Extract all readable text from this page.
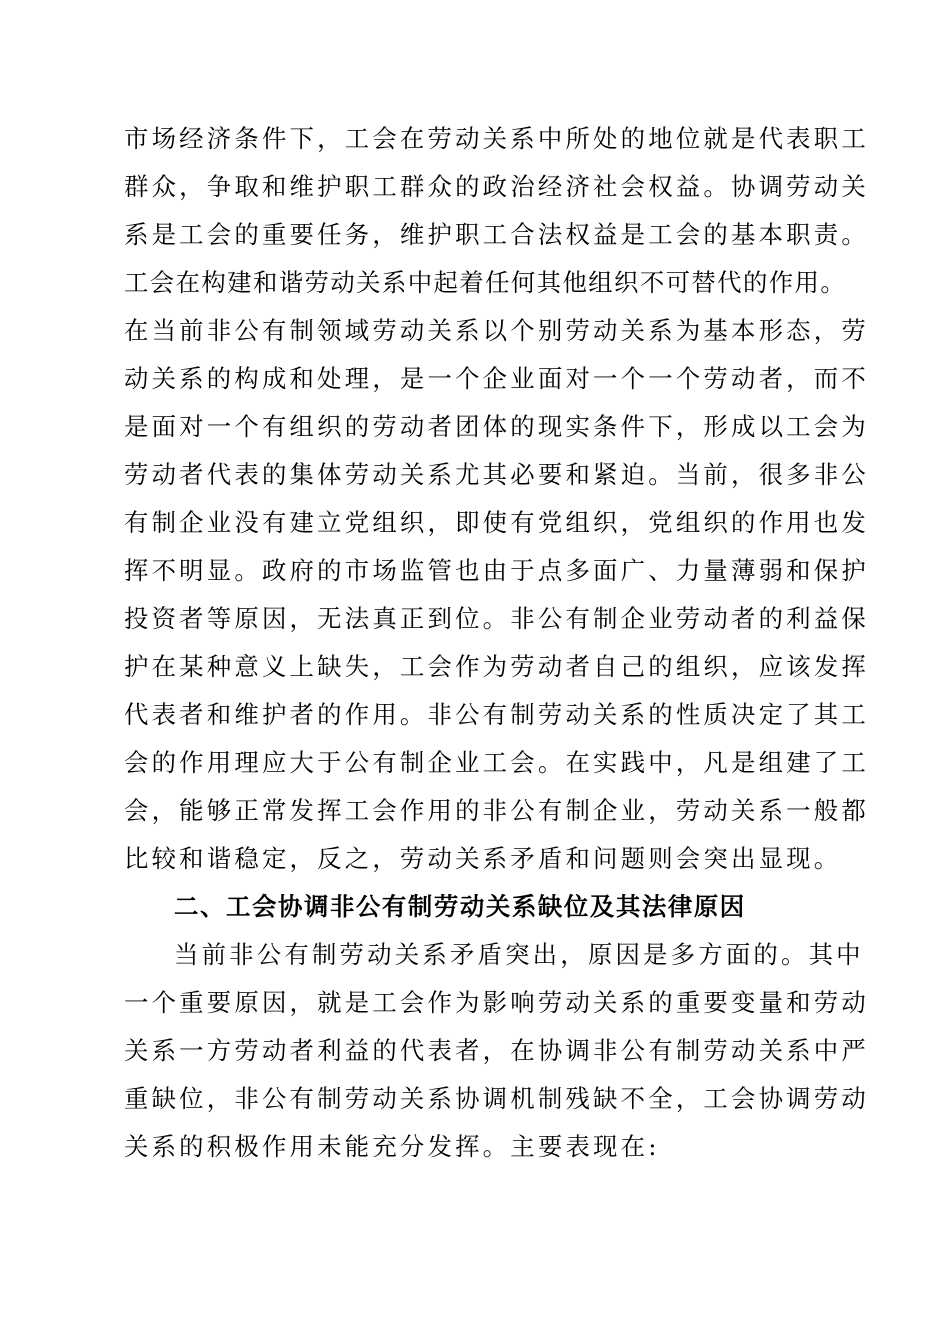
市场经济条件下，工会在劳动关系中所处的地位就是代表职工
群众，争取和维护职工群众的政治经济社会权益。协调劳动关
系是工会的重要任务，维护职工合法权益是工会的基本职责。
工会在构建和谐劳动关系中起着任何其他组织不可替代的作用。
在当前非公有制领域劳动关系以个别劳动关系为基本形态，劳
动关系的构成和处理，是一个企业面对一个一个劳动者，而不
是面对一个有组织的劳动者团体的现实条件下，形成以工会为
劳动者代表的集体劳动关系尤其必要和紧迫。当前，很多非公
有制企业没有建立党组织，即使有党组织，党组织的作用也发
挥不明显。政府的市场监管也由于点多面广、力量薄弱和保护
投资者等原因，无法真正到位。非公有制企业劳动者的利益保
护在某种意义上缺失，工会作为劳动者自己的组织，应该发挥
代表者和维护者的作用。非公有制劳动关系的性质决定了其工
会的作用理应大于公有制企业工会。在实践中，凡是组建了工
会，能够正常发挥工会作用的非公有制企业，劳动关系一般都
比较和谐稳定，反之，劳动关系矛盾和问题则会突出显现。
二、工会协调非公有制劳动关系缺位及其法律原因
当前非公有制劳动关系矛盾突出，原因是多方面的。其中
一个重要原因，就是工会作为影响劳动关系的重要变量和劳动
关系一方劳动者利益的代表者，在协调非公有制劳动关系中严
重缺位，非公有制劳动关系协调机制残缺不全，工会协调劳动
关系的积极作用未能充分发挥。主要表现在:
